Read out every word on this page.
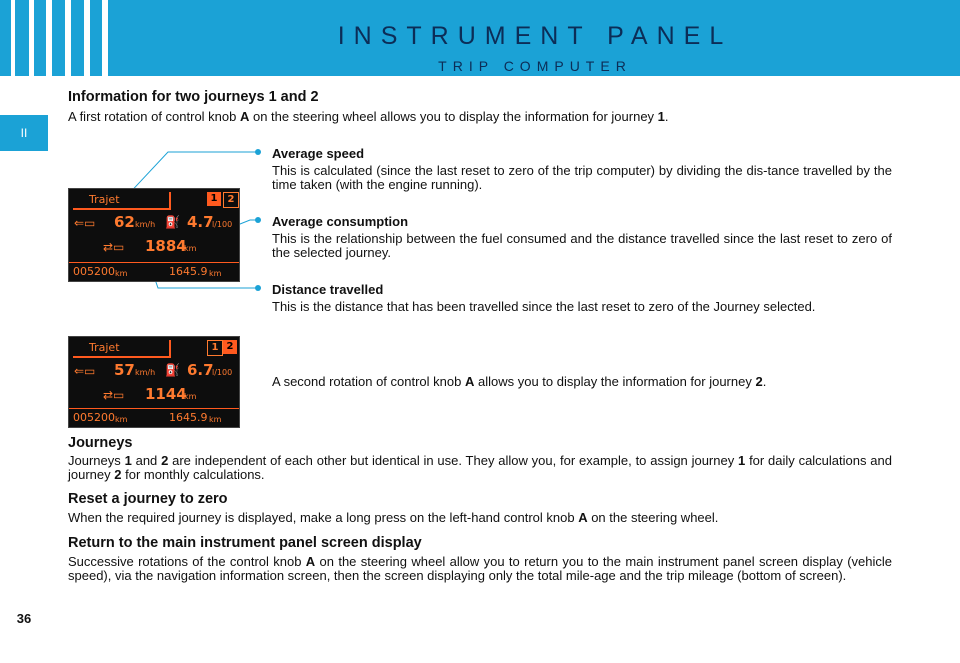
INSTRUMENT PANEL
TRIP COMPUTER
II
36
Information for two journeys 1 and 2

A first rotation of control knob A on the steering wheel allows you to display the information for journey 1.

Average speed

This is calculated (since the last reset to zero of the trip computer) by dividing the dis-tance travelled by the time taken (with the engine running).

Average consumption

This is the relationship between the fuel consumed and the distance travelled since the last reset to zero of the selected journey.

Distance travelled

This is the distance that has been travelled since the last reset to zero of the Journey selected.

A second rotation of control knob A allows you to display the information for journey 2.

Trajet	1	2
⇐▭ 62 km/h ⛽ 4.7
l/100
⇄▭ 1884
km
005200 km	1645.9 km
Trajet	1 2
⇐▭ 57 km/h ⛽ 6.7
l/100
⇄▭ 1144
km
005200 km	1645.9 km
Journeys

Journeys 1 and 2 are independent of each other but identical in use. They allow you, for example, to assign journey 1 for daily calculations and journey 2 for monthly calculations.

Reset a journey to zero

When the required journey is displayed, make a long press on the left-hand control knob A on the steering wheel.

Return to the main instrument panel screen display

Successive rotations of the control knob A on the steering wheel allow you to return you to the main instrument panel screen display (vehicle speed), via the navigation information screen, then the screen displaying only the total mile-age and the trip mileage (bottom of screen).
